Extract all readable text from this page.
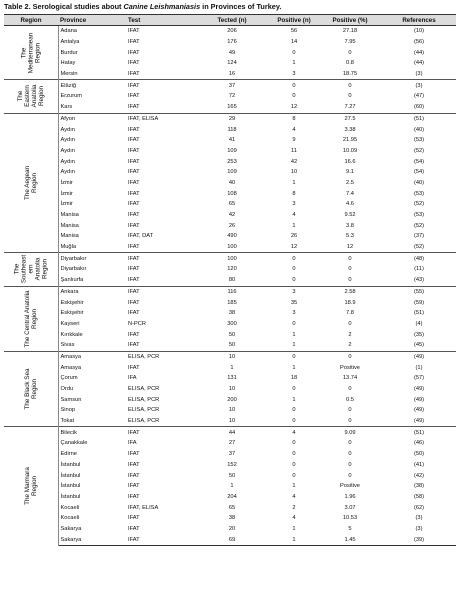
Table 2. Serological studies about Canine Leishmaniasis in Provinces of Turkey.
Region	Province	Test	Tected (n)	Positive (n)	Positive (%)	References

The
Mediterranean
Region	Adana	IFAT	206	56	27.18	(10)
	Antalya	IFAT	176	14	7.95	(56)
	Burdur	IFAT	49	0	0	(44)
	Hatay	IFAT	124	1	0.8	(44)
	Mersin	IFAT	16	3	18.75	(3)

The
Eastern
Anatolia
Region	Elâziğ	IFAT	37	0	0	(3)
	Erzurum	IFAT	72	0	0	(47)
	Kars	IFAT	165	12	7.27	(60)

The Aegean
Region	Afyon	IFAT, ELISA	29	8	27.5	(51)
	Aydın	IFAT	118	4	3.38	(40)
	Aydın	IFAT	41	9	21.95	(53)
	Aydın	IFAT	109	11	10.09	(52)
	Aydın	IFAT	253	42	16.6	(54)
	Aydın	IFAT	109	10	9.1	(54)
	İzmir	IFAT	40	1	2.5	(40)
	İzmir	IFAT	108	8	7.4	(53)
	İzmir	IFAT	65	3	4.6	(52)
	Manisa	IFAT	42	4	9.52	(53)
	Manisa	IFAT	26	1	3.8	(52)
	Manisa	IFAT, DAT	490	26	5.3	(37)
	Muğla	IFAT	100	12	12	(52)

The
Southeast
ern
Anatolia
Region	Diyarbakır	IFAT	100	0	0	(48)
	Diyarbakır	IFAT	120	0	0	(11)
	Şanlıurfa	IFAT	80	0	0	(43)

The Central Anatolia
Region	Ankara	IFAT	116	3	2.58	(55)
	Eskişehir	IFAT	185	35	18.9	(59)
	Eskişehir	IFAT	38	3	7.8	(51)
	Kayseri	N-PCR	300	0	0	(4)
	Kırıkkale	IFAT	50	1	2	(35)
	Sivas	IFAT	50	1	2	(45)

The Black Sea
Region	Amasya	ELISA, PCR	10	0	0	(49)
	Amasya	IFAT	1	1	Positive	(1)
	Çorum	IFA	131	18	13.74	(57)
	Ordu	ELISA, PCR	10	0	0	(49)
	Samsun	ELISA, PCR	200	1	0.5	(49)
	Sinop	ELISA, PCR	10	0	0	(49)
	Tokat	ELISA, PCR	10	0	0	(49)

The Marmara
Region	Bilecik	IFAT	44	4	9.09	(51)
	Çanakkale	IFA	27	0	0	(46)
	Edirne	IFAT	37	0	0	(50)
	İstanbul	IFAT	152	0	0	(41)
	İstanbul	IFAT	50	0	0	(42)
	İstanbul	IFAT	1	1	Positive	(38)
	İstanbul	IFAT	204	4	1.96	(58)
	Kocaeli	IFAT, ELISA	65	2	3.07	(62)
	Kocaeli	IFAT	38	4	10.53	(3)
	Sakarya	IFAT	20	1	5	(3)
	Sakarya	IFAT	69	1	1.45	(39)
